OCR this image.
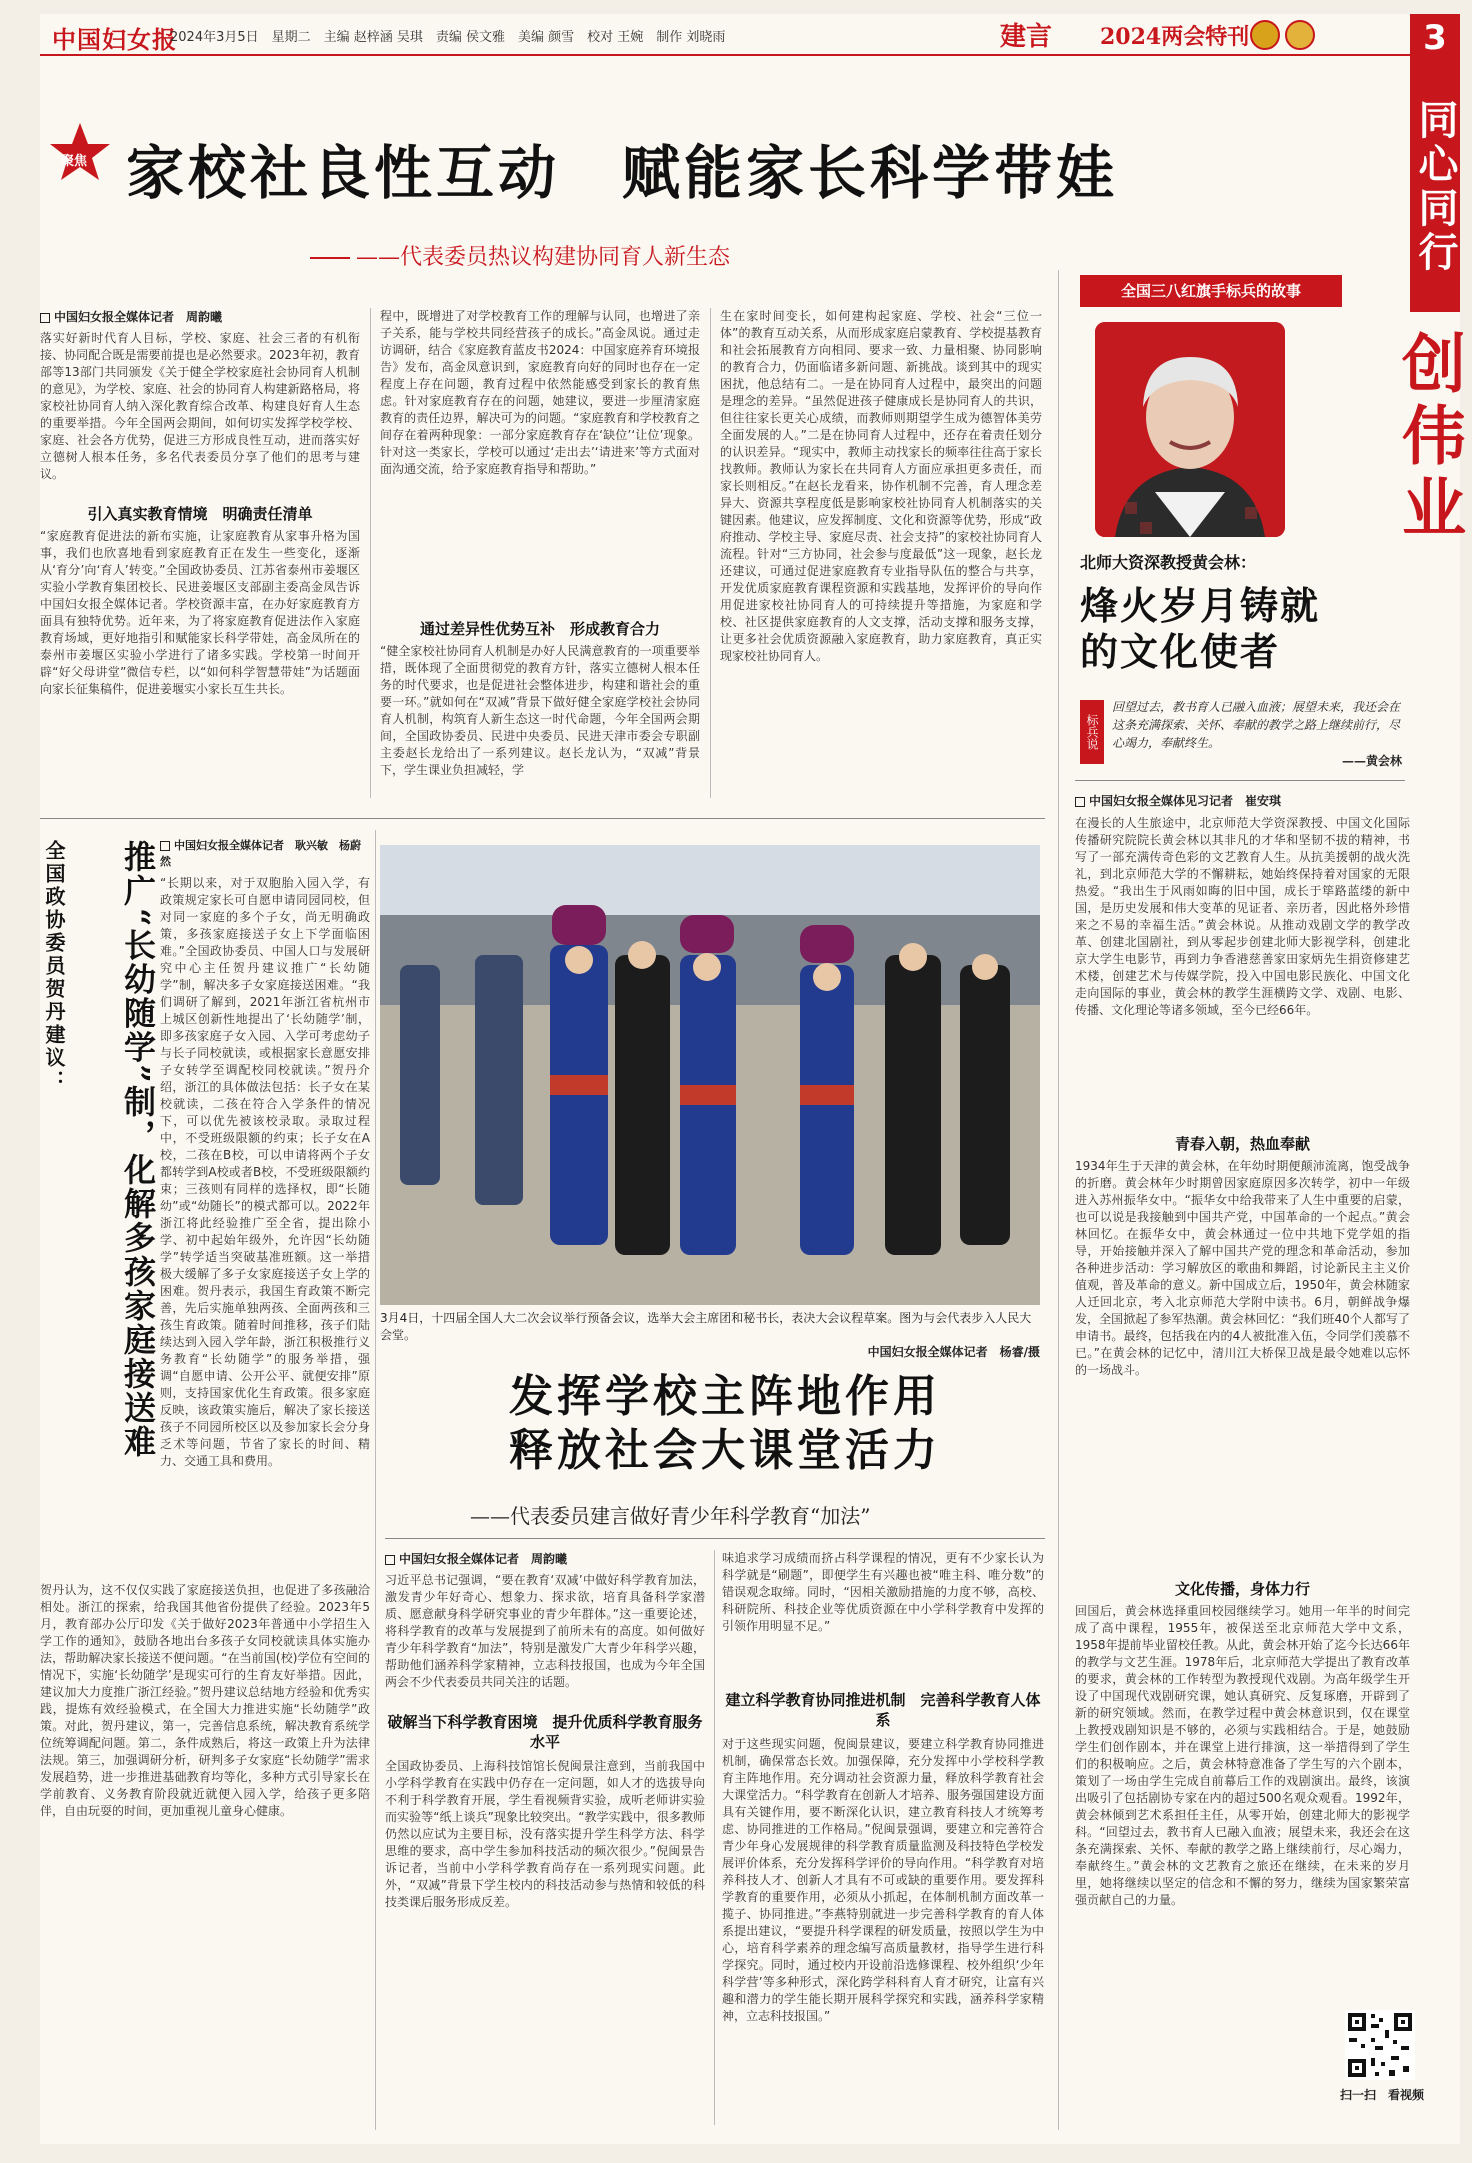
中国妇女报
2024年3月5日　星期二　主编 赵梓涵 吴琪　责编 侯文雅　美编 颜雪　校对 王婉　制作 刘晓雨	建言 2024两会特刊	3
同心同行
聚焦 家校社良性互动　赋能家长科学带娃
——代表委员热议构建协同育人新生态
中国妇女报全媒体记者　周韵曦
落实好新时代育人目标，学校、家庭、社会三者的有机衔接、协同配合既是需要前提也是必然要求。2023年初，教育部等13部门共同颁发《关于健全学校家庭社会协同育人机制的意见》，为学校、家庭、社会的协同育人构建新路格局，将家校社协同育人纳入深化教育综合改革、构建良好育人生态的重要举措。今年全国两会期间，如何切实发挥学校学校、家庭、社会各方优势，促进三方形成良性互动，进而落实好立德树人根本任务，多名代表委员分享了他们的思考与建议。
引入真实教育情境　明确责任清单
“家庭教育促进法的新布实施，让家庭教育从家事升格为国事，我们也欣喜地看到家庭教育正在发生一些变化，逐渐从‘育分’向‘育人’转变。”全国政协委员、江苏省泰州市姜堰区实验小学教育集团校长、民进姜堰区支部副主委高金凤告诉中国妇女报全媒体记者。学校资源丰富，在办好家庭教育方面具有独特优势。近年来，为了将家庭教育促进法作入家庭教育场域，更好地指引和赋能家长科学带娃，高金凤所在的泰州市姜堰区实验小学进行了诸多实践。学校第一时间开辟“好父母讲堂”微信专栏，以“如何科学智慧带娃”为话题面向家长征集稿件，促进姜堰实小家长互生共长。
程中，既增进了对学校教育工作的理解与认同，也增进了亲子关系，能与学校共同经营孩子的成长。”高金凤说。通过走访调研，结合《家庭教育蓝皮书2024：中国家庭养育环境报告》发布，高金凤意识到，家庭教育向好的同时也存在一定程度上存在问题，教育过程中依然能感受到家长的教育焦虑。针对家庭教育存在的问题，她建议，要进一步厘清家庭教育的责任边界，解决可为的问题。“家庭教育和学校教育之间存在着两种现象：一部分家庭教育存在‘缺位’‘让位’现象。针对这一类家长，学校可以通过‘走出去’‘请进来’等方式面对面沟通交流，给予家庭教育指导和帮助。”
通过差异性优势互补　形成教育合力
“健全家校社协同育人机制是办好人民满意教育的一项重要举措，既体现了全面贯彻党的教育方针，落实立德树人根本任务的时代要求，也是促进社会整体进步，构建和谐社会的重要一环。”就如何在“双减”背景下做好健全家庭学校社会协同育人机制，构筑育人新生态这一时代命题，今年全国两会期间，全国政协委员、民进中央委员、民进天津市委会专职副主委赵长龙给出了一系列建议。赵长龙认为，“双减”背景下，学生课业负担减轻，学
生在家时间变长，如何建构起家庭、学校、社会“三位一体”的教育互动关系，从而形成家庭启蒙教育、学校提基教育和社会拓展教育方向相同、要求一致、力量相聚、协同影响的教育合力，仍面临诸多新问题、新挑战。谈到其中的现实困扰，他总结有二。一是在协同育人过程中，最突出的问题是理念的差异。“虽然促进孩子健康成长是协同育人的共识，但往往家长更关心成绩，而教师则期望学生成为德智体美劳全面发展的人。”二是在协同育人过程中，还存在着责任划分的认识差异。“现实中，教师主动找家长的频率往往高于家长找教师。教师认为家长在共同育人方面应承担更多责任，而家长则相反。”在赵长龙看来，协作机制不完善，育人理念差异大、资源共享程度低是影响家校社协同育人机制落实的关键因素。他建议，应发挥制度、文化和资源等优势，形成“政府推动、学校主导、家庭尽责、社会支持”的家校社协同育人流程。针对“三方协同，社会参与度最低”这一现象，赵长龙还建议，可通过促进家庭教育专业指导队伍的整合与共享，开发优质家庭教育课程资源和实践基地，发挥评价的导向作用促进家校社协同育人的可持续提升等措施，为家庭和学校、社区提供家庭教育的人文支撑，活动支撑和服务支撑，让更多社会优质资源融入家庭教育，助力家庭教育，真正实现家校社协同育人。
全国政协委员贺丹建议：	推广“长幼随学”制，化解多孩家庭接送难	中国妇女报全媒体记者　耿兴敏　杨蔚然
“长期以来，对于双胞胎入园入学，有政策规定家长可自愿申请同园同校，但对同一家庭的多个子女，尚无明确政策，多孩家庭接送子女上下学面临困难。”全国政协委员、中国人口与发展研究中心主任贺丹建议推广“长幼随学”制，解决多子女家庭接送困难。“我们调研了解到，2021年浙江省杭州市上城区创新性地提出了‘长幼随学’制，即多孩家庭子女入园、入学可考虑幼子与长子同校就读，或根据家长意愿安排子女转学至调配校同校就读。”贺丹介绍，浙江的具体做法包括：长子女在某校就读，二孩在符合入学条件的情况下，可以优先被该校录取。录取过程中，不受班级限额的约束；长子女在A校，二孩在B校，可以申请将两个子女都转学到A校或者B校，不受班级限额约束；三孩则有同样的选择权，即“长随幼”或“幼随长”的模式都可以。2022年浙江将此经验推广至全省，提出除小学、初中起始年级外，允许因“长幼随学”转学适当突破基准班额。这一举措极大缓解了多子女家庭接送子女上学的困难。贺丹表示，我国生育政策不断完善，先后实施单独两孩、全面两孩和三孩生育政策。随着时间推移，孩子们陆续达到入园入学年龄，浙江积极推行义务教育“长幼随学”的服务举措，强调“自愿申请、公开公平、就便安排”原则，支持国家优化生育政策。很多家庭反映，该政策实施后，解决了家长接送孩子不同园所校区以及参加家长会分身乏术等问题，节省了家长的时间、精力、交通工具和费用。
贺丹认为，这不仅仅实践了家庭接送负担，也促进了多孩融洽相处。浙江的探索，给我国其他省份提供了经验。2023年5月，教育部办公厅印发《关于做好2023年普通中小学招生入学工作的通知》，鼓励各地出台多孩子女同校就读具体实施办法，帮助解决家长接送不便问题。“在当前国(校)学位有空间的情况下，实施‘长幼随学’是现实可行的生育友好举措。因此，建议加大力度推广浙江经验。”贺丹建议总结地方经验和优秀实践，提炼有效经验模式，在全国大力推进实施“长幼随学”政策。对此，贺丹建议，第一，完善信息系统，解决教育系统学位统筹调配问题。第二，条件成熟后，将这一政策上升为法律法规。第三，加强调研分析，研判多子女家庭“长幼随学”需求发展趋势，进一步推进基础教育均等化，多种方式引导家长在学前教育、义务教育阶段就近就便入园入学，给孩子更多陪伴，自由玩耍的时间，更加重视儿童身心健康。
3月4日，十四届全国人大二次会议举行预备会议，选举大会主席团和秘书长，表决大会议程草案。图为与会代表步入人民大会堂。
中国妇女报全媒体记者　杨睿/摄
发挥学校主阵地作用
释放社会大课堂活力
——代表委员建言做好青少年科学教育“加法”
中国妇女报全媒体记者　周韵曦
习近平总书记强调，“要在教育‘双减’中做好科学教育加法，激发青少年好奇心、想象力、探求欲，培育具备科学家潜质、愿意献身科学研究事业的青少年群体。”这一重要论述，将科学教育的改革与发展提到了前所未有的高度。如何做好青少年科学教育“加法”，特别是激发广大青少年科学兴趣，帮助他们涵养科学家精神，立志科技报国，也成为今年全国两会不少代表委员共同关注的话题。
破解当下科学教育困境　提升优质科学教育服务水平
全国政协委员、上海科技馆馆长倪闽景注意到，当前我国中小学科学教育在实践中仍存在一定问题，如人才的选拔导向不利于科学教育开展，学生看视频背实验，成听老师讲实验而实验等“纸上谈兵”现象比较突出。“教学实践中，很多教师仍然以应试为主要目标，没有落实提升学生科学方法、科学思维的要求，高中学生参加科技活动的频次很少。”倪闽景告诉记者，当前中小学科学教育尚存在一系列现实问题。此外，“双减”背景下学生校内的科技活动参与热情和较低的科技类课后服务形成反差。
味追求学习成绩而挤占科学课程的情况，更有不少家长认为科学就是“刷题”，即便学生有兴趣也被“唯主科、唯分数”的错误观念取缔。同时，“因相关激励措施的力度不够，高校、科研院所、科技企业等优质资源在中小学科学教育中发挥的引领作用明显不足。”
建立科学教育协同推进机制　完善科学教育人体系
对于这些现实问题，倪闽景建议，要建立科学教育协同推进机制，确保常态长效。加强保障，充分发挥中小学校科学教育主阵地作用。充分调动社会资源力量，释放科学教育社会大课堂活力。“科学教育在创新人才培养、服务强国建设方面具有关键作用，要不断深化认识，建立教育科技人才统筹考虑、协同推进的工作格局。”倪闽景强调，要建立和完善符合青少年身心发展规律的科学教育质量监测及科技特色学校发展评价体系，充分发挥科学评价的导向作用。“科学教育对培养科技人才、创新人才具有不可或缺的重要作用。要发挥科学教育的重要作用，必须从小抓起，在体制机制方面改革一揽子、协同推进。”李燕特别就进一步完善科学教育的育人体系提出建议，“要提升科学课程的研发质量，按照以学生为中心，培育科学素养的理念编写高质量教材，指导学生进行科学探究。同时，通过校内开设前沿选修课程、校外组织‘少年科学营’等多种形式，深化跨学科科育人育才研究，让富有兴趣和潜力的学生能长期开展科学探究和实践，涵养科学家精神，立志科技报国。”
全国三八红旗手标兵的故事
创伟业
北师大资深教授黄会林：
烽火岁月铸就
的文化使者
标兵说
回望过去，教书育人已融入血液；展望未来，我还会在这条充满探索、关怀、奉献的教学之路上继续前行，尽心竭力，奉献终生。
——黄会林
中国妇女报全媒体见习记者　崔安琪
在漫长的人生旅途中，北京师范大学资深教授、中国文化国际传播研究院院长黄会林以其非凡的才华和坚韧不拔的精神，书写了一部充满传奇色彩的文艺教育人生。从抗美援朝的战火洗礼，到北京师范大学的不懈耕耘，她始终保持着对国家的无限热爱。“我出生于风雨如晦的旧中国，成长于筚路蓝缕的新中国，是历史发展和伟大变革的见证者、亲历者，因此格外珍惜来之不易的幸福生活。”黄会林说。从推动戏剧文学的教学改革、创建北国剧社，到从零起步创建北师大影视学科，创建北京大学生电影节，再到力争香港慈善家田家炳先生捐资修建艺术楼，创建艺术与传媒学院，投入中国电影民族化、中国文化走向国际的事业，黄会林的教学生涯横跨文学、戏剧、电影、传播、文化理论等诸多领域，至今已经66年。
青春入朝，热血奉献
1934年生于天津的黄会林，在年幼时期便颠沛流离，饱受战争的折磨。黄会林年少时期曾因家庭原因多次转学，初中一年级进入苏州振华女中。“振华女中给我带来了人生中重要的启蒙，也可以说是我接触到中国共产党，中国革命的一个起点。”黄会林回忆。在振华女中，黄会林通过一位中共地下党学姐的指导，开始接触并深入了解中国共产党的理念和革命活动，参加各种进步活动：学习解放区的歌曲和舞蹈，讨论新民主主义价值观，普及革命的意义。新中国成立后，1950年，黄会林随家人迁回北京，考入北京师范大学附中读书。6月，朝鲜战争爆发，全国掀起了参军热潮。黄会林回忆：“我们班40个人都写了申请书。最终，包括我在内的4人被批准入伍，令同学们羡慕不已。”在黄会林的记忆中，清川江大桥保卫战是最令她难以忘怀的一场战斗。
文化传播，身体力行
回国后，黄会林选择重回校园继续学习。她用一年半的时间完成了高中课程，1955年，被保送至北京师范大学中文系，1958年提前毕业留校任教。从此，黄会林开始了迄今长达66年的教学与文艺生涯。1978年后，北京师范大学提出了教育改革的要求，黄会林的工作转型为教授现代戏剧。为高年级学生开设了中国现代戏剧研究课，她认真研究、反复琢磨，开辟到了新的研究领域。然而，在教学过程中黄会林意识到，仅在课堂上教授戏剧知识是不够的，必须与实践相结合。于是，她鼓励学生们创作剧本，并在课堂上进行排演，这一举措得到了学生们的积极响应。之后，黄会林特意准备了学生写的六个剧本，策划了一场由学生完成自前幕后工作的戏剧演出。最终，该演出吸引了包括剧协专家在内的超过500名观众观看。1992年，黄会林倾到艺术系担任主任，从零开始，创建北师大的影视学科。“回望过去，教书育人已融入血液；展望未来，我还会在这条充满探索、关怀、奉献的教学之路上继续前行，尽心竭力，奉献终生。”黄会林的文艺教育之旅还在继续，在未来的岁月里，她将继续以坚定的信念和不懈的努力，继续为国家繁荣富强贡献自己的力量。
扫一扫　看视频
